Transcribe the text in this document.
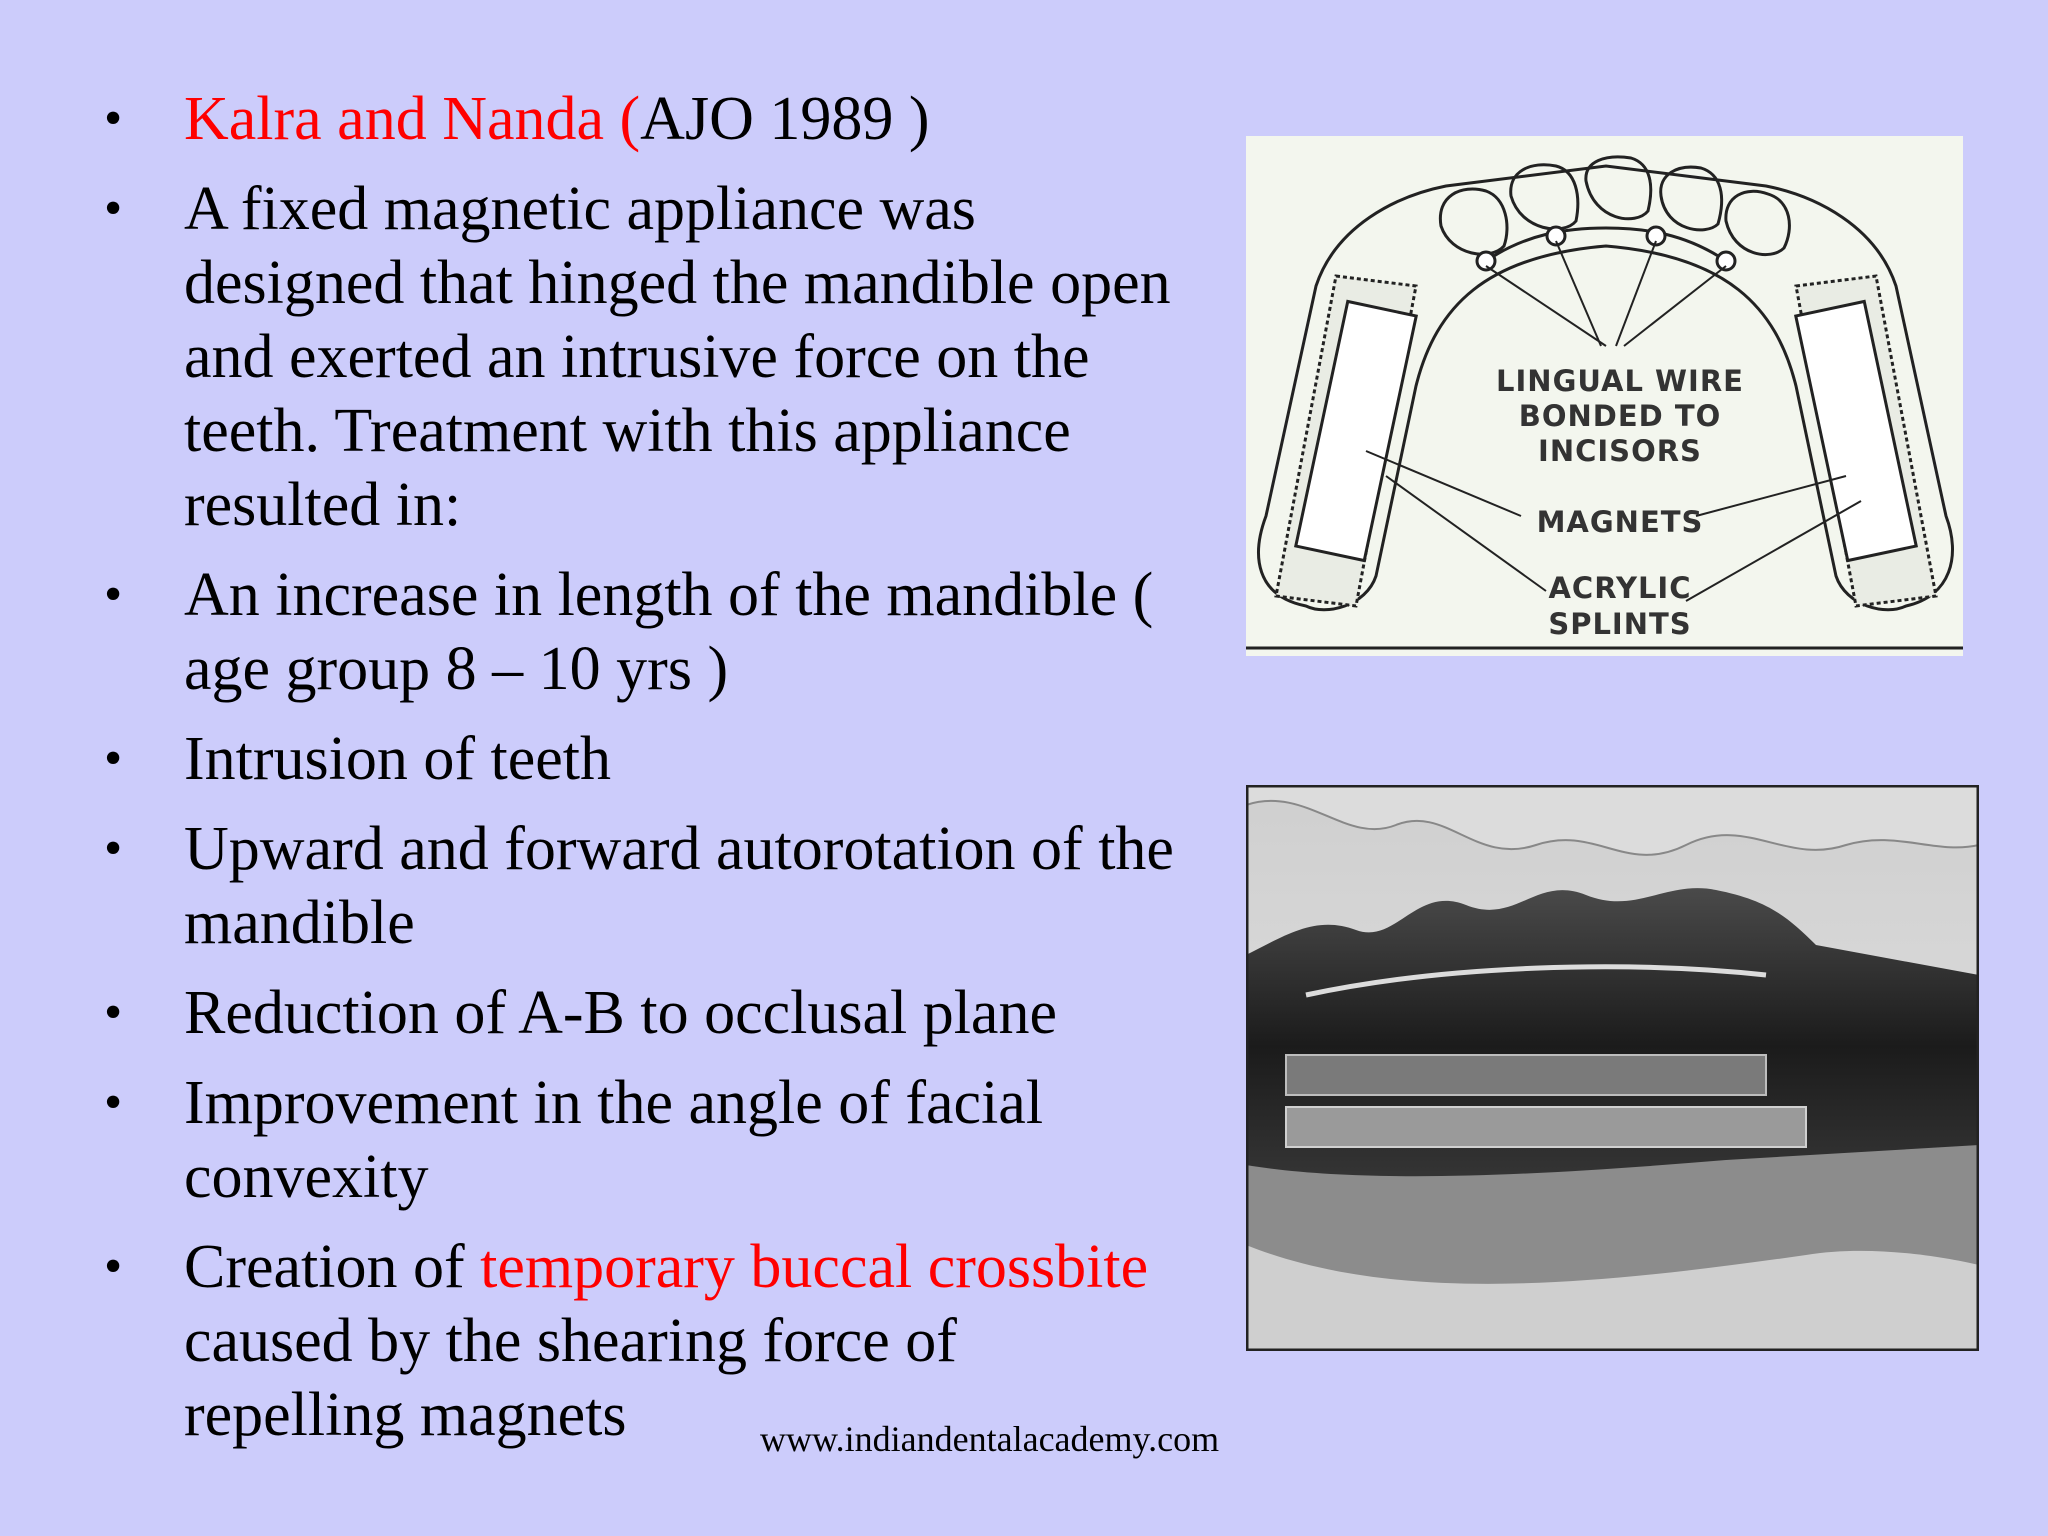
• Kalra and Nanda (AJO 1989 )
• A fixed magnetic appliance was designed that hinged the mandible open and exerted an intrusive force on the teeth. Treatment with this appliance resulted in:
• An increase in length of the mandible ( age group 8 – 10 yrs )
• Intrusion of teeth
• Upward and forward autorotation of the mandible
• Reduction of A-B to occlusal plane
• Improvement in the angle of facial convexity
• Creation of temporary buccal crossbite caused by the shearing force of repelling magnets
LINGUAL WIRE
BONDED TO
INCISORS
MAGNETS
ACRYLIC
SPLINTS
www.indiandentalacademy.com
